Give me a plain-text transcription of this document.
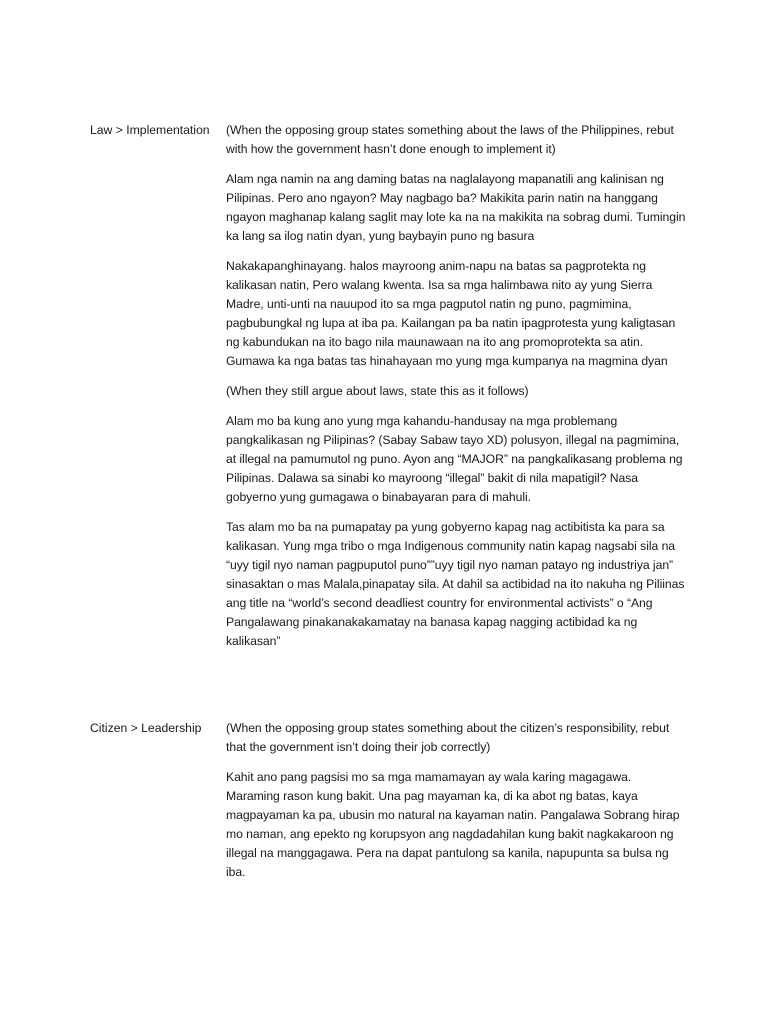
Law > Implementation	(When the opposing group states something about the laws of the Philippines, rebut with how the government hasn’t done enough to implement it)

Alam nga namin na ang daming batas na naglalayong mapanatili ang kalinisan ng Pilipinas. Pero ano ngayon? May nagbago ba? Makikita parin natin na hanggang ngayon maghanap kalang saglit may lote ka na na makikita na sobrag dumi. Tumingin ka lang sa ilog natin dyan, yung baybayin puno ng basura

Nakakapanghinayang. halos mayroong anim-napu na batas sa pagprotekta ng kalikasan natin, Pero walang kwenta. Isa sa mga halimbawa nito ay yung Sierra Madre, unti-unti na nauupod ito sa mga pagputol natin ng puno, pagmimina, pagbubungkal ng lupa at iba pa. Kailangan pa ba natin ipagprotesta yung kaligtasan ng kabundukan na ito bago nila maunawaan na ito ang promoprotekta sa atin. Gumawa ka nga batas tas hinahayaan mo yung mga kumpanya na magmina dyan

(When they still argue about laws, state this as it follows)

Alam mo ba kung ano yung mga kahandu-handusay na mga problemang pangkalikasan ng Pilipinas? (Sabay Sabaw tayo XD) polusyon, illegal na pagmimina, at illegal na pamumutol ng puno. Ayon ang “MAJOR” na pangkalikasang problema ng Pilipinas. Dalawa sa sinabi ko mayroong “illegal” bakit di nila mapatigil? Nasa gobyerno yung gumagawa o binabayaran para di mahuli.

Tas alam mo ba na pumapatay pa yung gobyerno kapag nag actibitista ka para sa kalikasan. Yung mga tribo o mga Indigenous community natin kapag nagsabi sila na “uyy tigil nyo naman pagpuputol puno””uyy tigil nyo naman patayo ng industriya jan” sinasaktan o mas Malala,pinapatay sila. At dahil sa actibidad na ito nakuha ng Piliinas ang title na “world’s second deadliest country for environmental activists” o “Ang Pangalawang pinakanakakamatay na banasa kapag nagging actibidad ka ng kalikasan”

Citizen > Leadership	(When the opposing group states something about the citizen’s responsibility, rebut that the government isn’t doing their job correctly)

Kahit ano pang pagsisi mo sa mga mamamayan ay wala karing magagawa. Maraming rason kung bakit. Una pag mayaman ka, di ka abot ng batas, kaya magpayaman ka pa, ubusin mo natural na kayaman natin. Pangalawa Sobrang hirap mo naman, ang epekto ng korupsyon ang nagdadahilan kung bakit nagkakaroon ng illegal na manggagawa. Pera na dapat pantulong sa kanila, napupunta sa bulsa ng iba.
